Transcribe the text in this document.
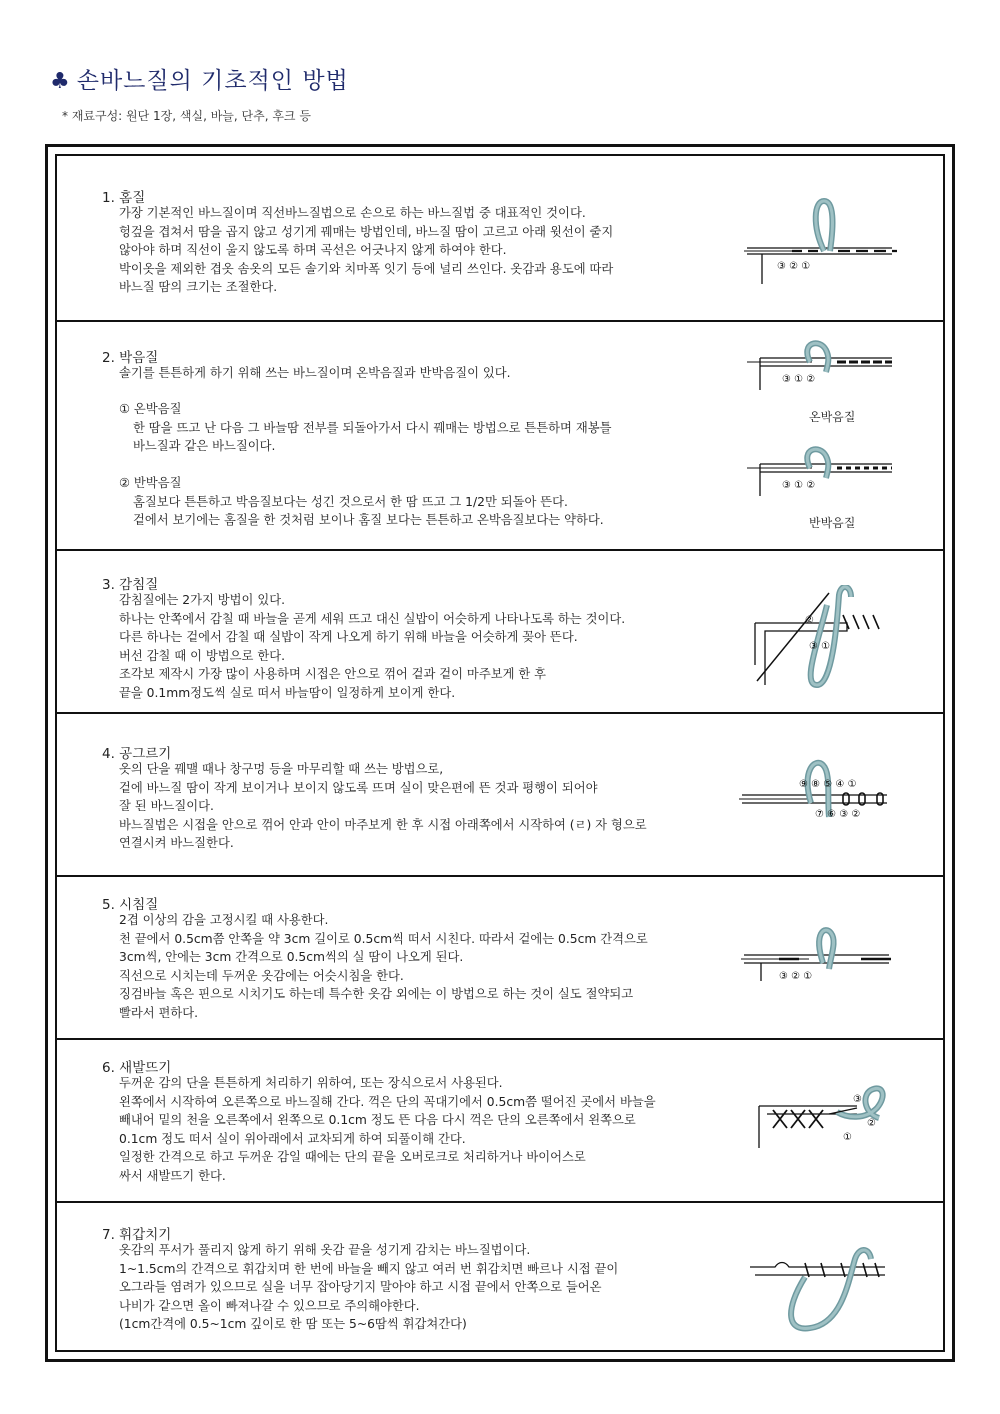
♣ 손바느질의 기초적인 방법
* 재료구성: 원단 1장, 색실, 바늘, 단추, 후크 등
1. 홈질
가장 기본적인 바느질이며 직선바느질법으로 손으로 하는 바느질법 중 대표적인 것이다.
헝겊을 겹쳐서 땀을 곱지 않고 성기게 꿰매는 방법인데, 바느질 땀이 고르고 아래 윗선이 줄지
않아야 하며 직선이 울지 않도록 하며 곡선은 어긋나지 않게 하여야 한다.
박이옷을 제외한 겹옷 솜옷의 모든 솔기와 치마폭 잇기 등에 널리 쓰인다. 옷감과 용도에 따라
바느질 땀의 크기는 조절한다.
③ ② ①
2. 박음질
솔기를 튼튼하게 하기 위해 쓰는 바느질이며 온박음질과 반박음질이 있다.
① 온박음질
한 땀을 뜨고 난 다음 그 바늘땀 전부를 되돌아가서 다시 꿰매는 방법으로 튼튼하며 재봉틀
바느질과 같은 바느질이다.
② 반박음질
홈질보다 튼튼하고 박음질보다는 성긴 것으로서 한 땀 뜨고 그 1/2만 되돌아 뜬다.
겉에서 보기에는 홈질을 한 것처럼 보이나 홈질 보다는 튼튼하고 온박음질보다는 약하다.
③ ① ②
온박음질
③ ① ②
반박음질
3. 감침질
감침질에는 2가지 방법이 있다.
하나는 안쪽에서 감칠 때 바늘을 곧게 세워 뜨고 대신 실밥이 어슷하게 나타나도록 하는 것이다.
다른 하나는 겉에서 감칠 때 실밥이 작게 나오게 하기 위해 바늘을 어슷하게 꽂아 뜬다.
버선 감칠 때 이 방법으로 한다.
조각보 제작시 가장 많이 사용하며 시접은 안으로 꺾어 겉과 겉이 마주보게 한 후
끝을 0.1mm정도씩 실로 떠서 바늘땀이 일정하게 보이게 한다.
②
③ ①
4. 공그르기
옷의 단을 꿰맬 때나 창구멍 등을 마무리할 때 쓰는 방법으로,
겉에 바느질 땀이 작게 보이거나 보이지 않도록 뜨며 실이 맞은편에 뜬 것과 평행이 되어야
잘 된 바느질이다.
바느질법은 시접을 안으로 꺾어 안과 안이 마주보게 한 후 시접 아래쪽에서 시작하여 (ㄹ) 자 형으로
연결시켜 바느질한다.
⑨ ⑧ ⑤ ④ ①
⑦ ⑥ ③ ②
5. 시침질
2겹 이상의 감을 고정시킬 때 사용한다.
천 끝에서 0.5cm쯤 안쪽을 약 3cm 길이로 0.5cm씩 떠서 시친다. 따라서 겉에는 0.5cm 간격으로
3cm씩, 안에는 3cm 간격으로 0.5cm씩의 실 땀이 나오게 된다.
직선으로 시치는데 두꺼운 옷감에는 어슷시침을 한다.
징검바늘 혹은 핀으로 시치기도 하는데 특수한 옷감 외에는 이 방법으로 하는 것이 실도 절약되고
빨라서 편하다.
③ ② ①
6. 새발뜨기
두꺼운 감의 단을 튼튼하게 처리하기 위하여, 또는 장식으로서 사용된다.
왼쪽에서 시작하여 오른쪽으로 바느질해 간다. 꺽은 단의 꼭대기에서 0.5cm쯤 떨어진 곳에서 바늘을
빼내어 밑의 천을 오른쪽에서 왼쪽으로 0.1cm 정도 뜬 다음 다시 꺽은 단의 오른쪽에서 왼쪽으로
0.1cm 정도 떠서 실이 위아래에서 교차되게 하여 되풀이해 간다.
일정한 간격으로 하고 두꺼운 감일 때에는 단의 끝을 오버로크로 처리하거나 바이어스로
싸서 새발뜨기 한다.
③
②
①
7. 휘갑치기
옷감의 푸서가 풀리지 않게 하기 위해 옷감 끝을 성기게 감치는 바느질법이다.
1~1.5cm의 간격으로 휘갑치며 한 번에 바늘을 빼지 않고 여러 번 휘감치면 빠르나 시접 끝이
오그라들 염려가 있으므로 실을 너무 잡아당기지 말아야 하고 시접 끝에서 안쪽으로 들어온
나비가 같으면 올이 빠져나갈 수 있으므로 주의해야한다.
(1cm간격에 0.5~1cm 깊이로 한 땀 또는 5~6땀씩 휘갑쳐간다)
